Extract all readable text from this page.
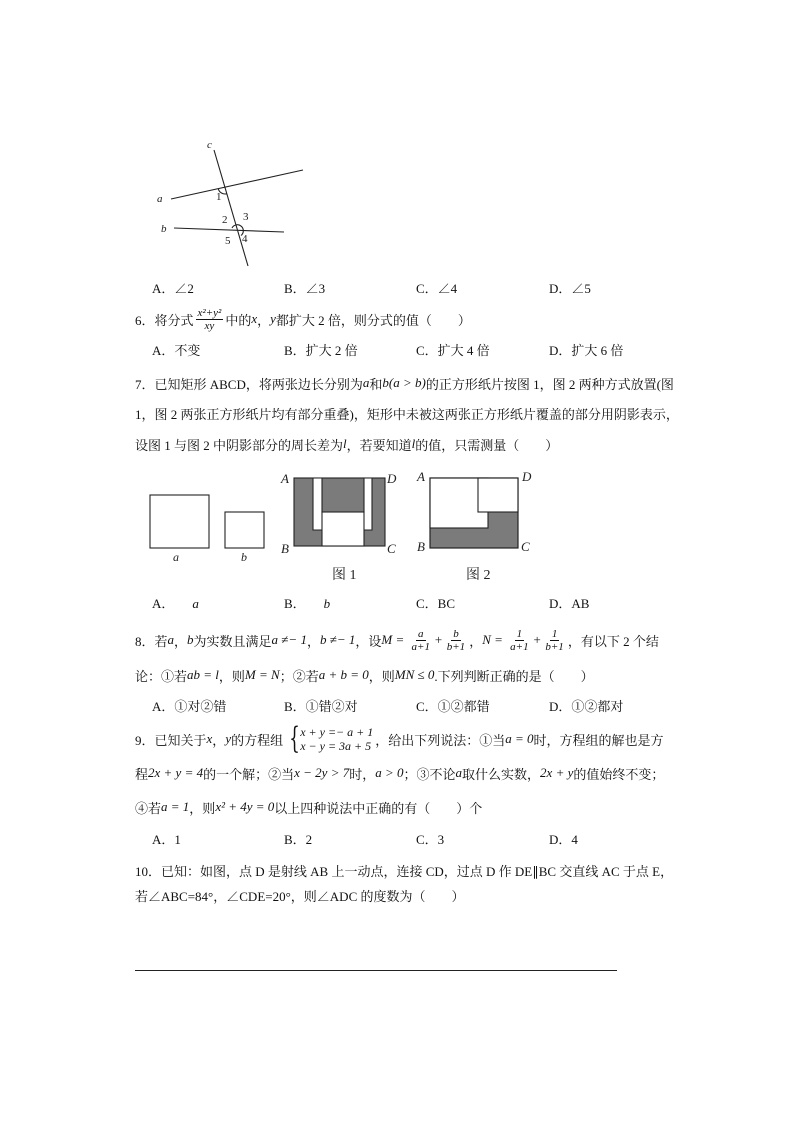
c
a
b
1
2 3
5 4
A．∠2	B．∠3	C．∠4	D．∠5
6．将分式 $\frac{\text{x²+y²}}{xy}$ 中的 x ， y 都扩大 2 倍，则分式的值（　　）
A．不变	B．扩大 2 倍	C．扩大 4 倍	D．扩大 6 倍
7．已知矩形 ABCD，将两张边长分别为 a 和 b(a > b) 的正方形纸片按图 1，图 2 两种方式放置(图
1，图 2 两张正方形纸片均有部分重叠)，矩形中未被这两张正方形纸片覆盖的部分用阴影表示，
设图 1 与图 2 中阴影部分的周长差为 l ，若要知道 l 的值，只需测量（　　）
a	b
A	D
B	C
图 1
A	D
B	C
图 2
A． a	B． b	C．BC	D．AB
8．若 a ， b 为实数且满足 a ≠− 1 ， b ≠− 1 ，设 $M = \frac{a}{a+1} + \frac{b}{b+1}$ ， $N = \frac{1}{a+1} + \frac{1}{b+1}$ ，有以下 2 个结
论：①若 ab = l ，则 M = N ；②若 a + b = 0 ，则 MN ≤ 0 .下列判断正确的是（　　）
A．①对②错	B．①错②对	C．①②都错	D．①②都对
9．已知关于 x ， y 的方程组 { x + y =− a + 1
x − y = 3a + 5 ，给出下列说法：①当 a = 0 时，方程组的解也是方
程 2x + y = 4 的一个解；②当 x − 2y > 7 时， a > 0 ；③不论 a 取什么实数， 2x + y 的值始终不变；
④若 a = 1 ，则 x² + 4y = 0 以上四种说法中正确的有（　　）个
A．1	B．2	C．3	D．4
10．已知：如图，点 D 是射线 AB 上一动点，连接 CD，过点 D 作 DE∥BC 交直线 AC 于点 E，
若∠ABC=84°，∠CDE=20°，则∠ADC 的度数为（　　）
